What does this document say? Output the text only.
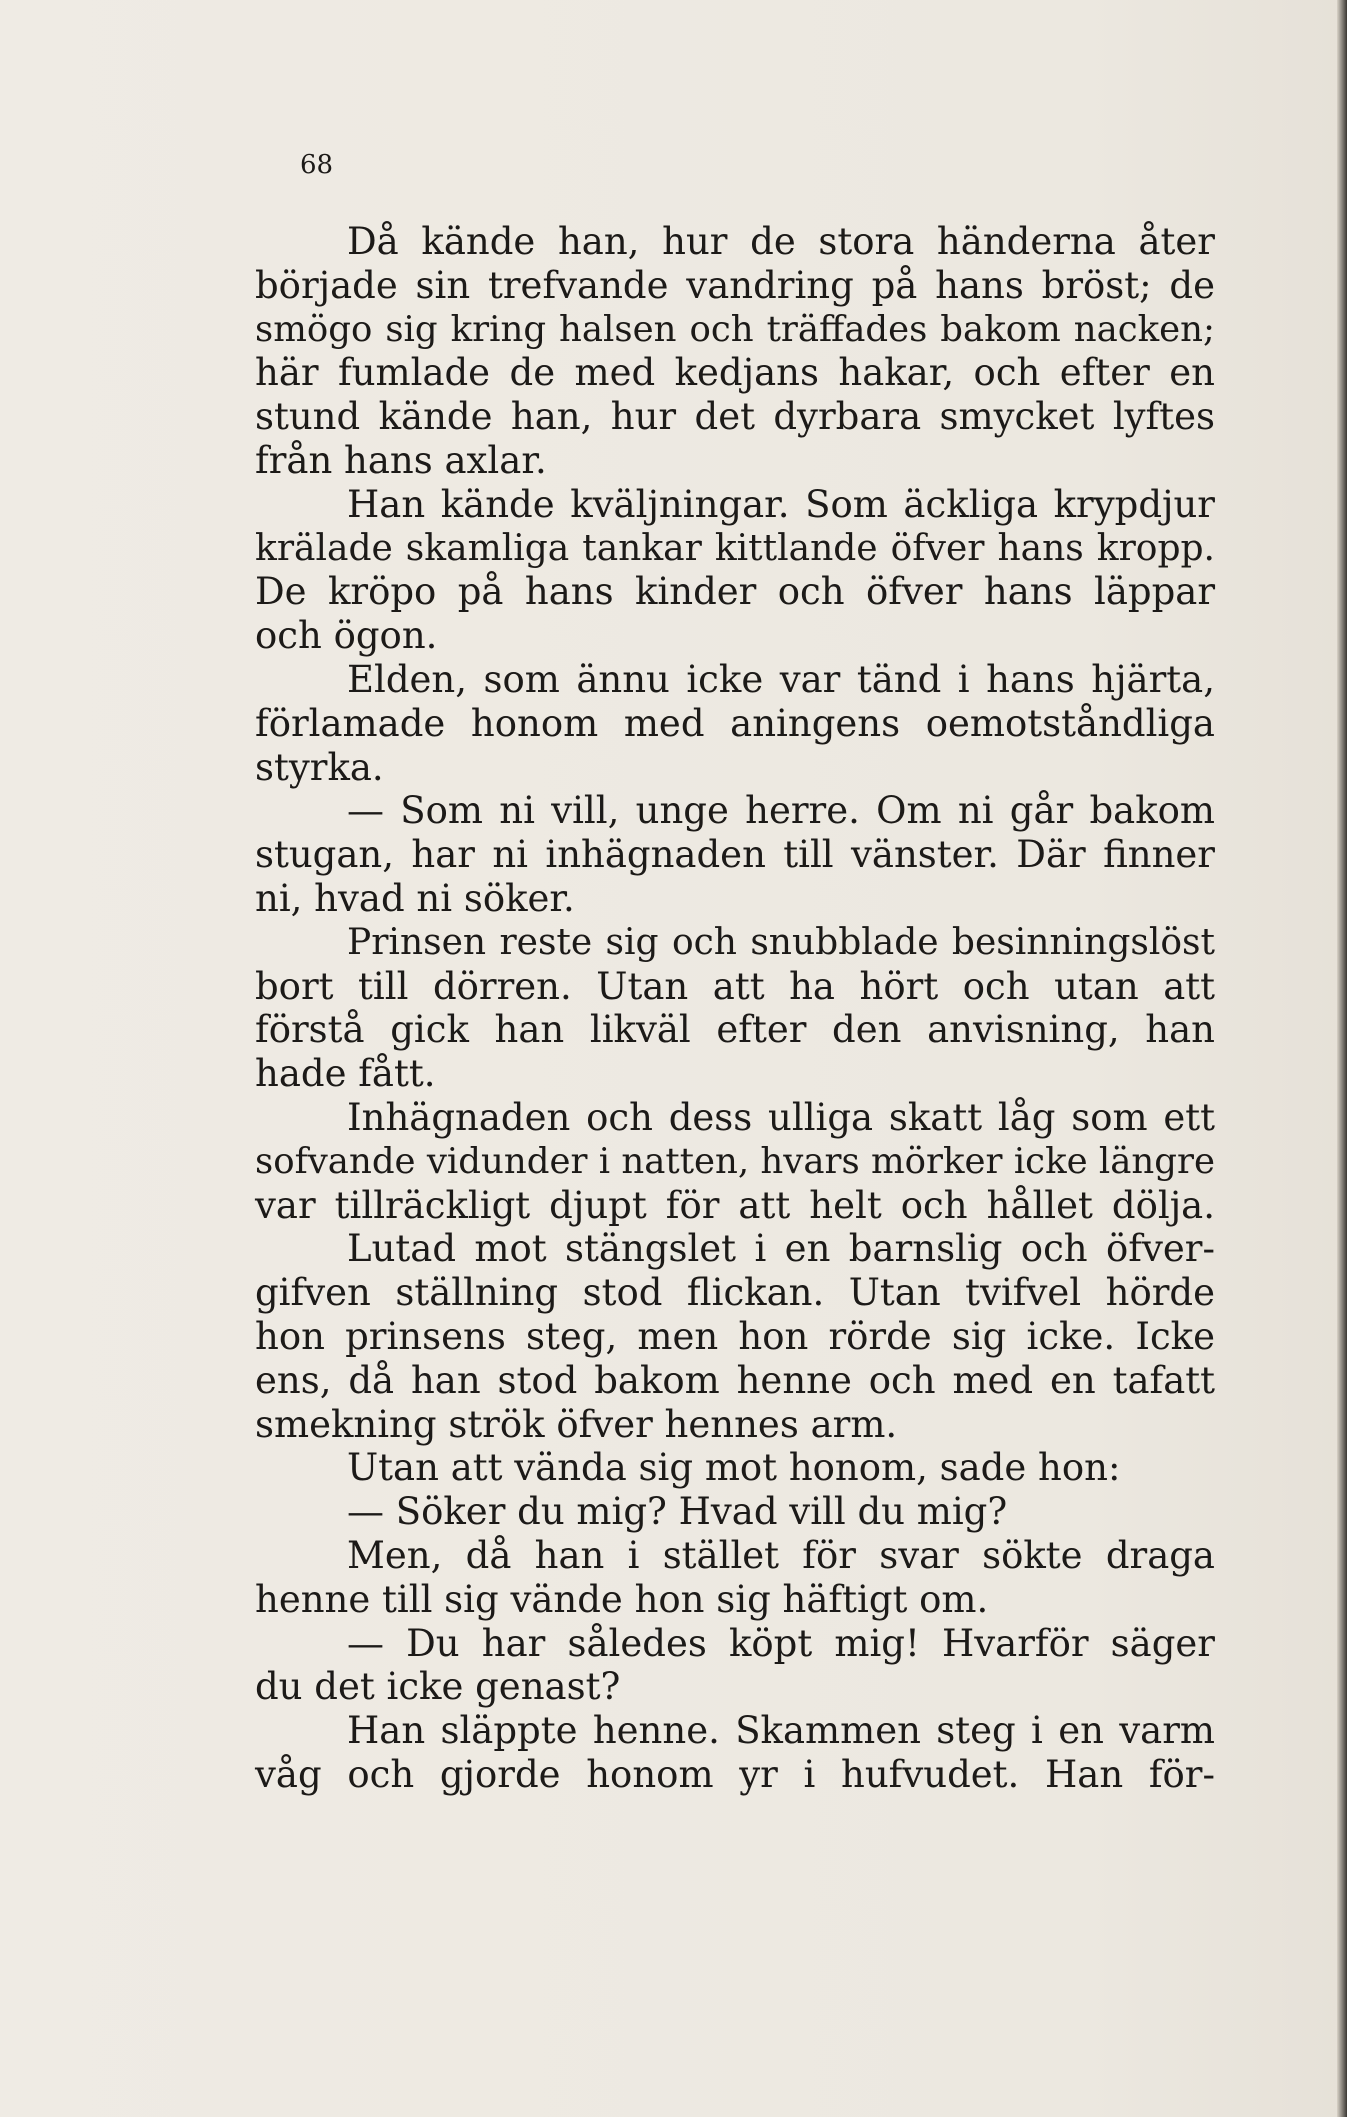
68
Då kände han, hur de stora händerna åter
började sin trefvande vandring på hans bröst; de
smögo sig kring halsen och träffades bakom nacken;
här fumlade de med kedjans hakar, och efter en
stund kände han, hur det dyrbara smycket lyftes
från hans axlar.
Han kände kväljningar. Som äckliga krypdjur
krälade skamliga tankar kittlande öfver hans kropp.
De kröpo på hans kinder och öfver hans läppar
och ögon.
Elden, som ännu icke var tänd i hans hjärta,
förlamade honom med aningens oemotståndliga
styrka.
— Som ni vill, unge herre. Om ni går bakom
stugan, har ni inhägnaden till vänster. Där finner
ni, hvad ni söker.
Prinsen reste sig och snubblade besinningslöst
bort till dörren. Utan att ha hört och utan att
förstå gick han likväl efter den anvisning, han
hade fått.
Inhägnaden och dess ulliga skatt låg som ett
sofvande vidunder i natten, hvars mörker icke längre
var tillräckligt djupt för att helt och hållet dölja.
Lutad mot stängslet i en barnslig och öfver-
gifven ställning stod flickan. Utan tvifvel hörde
hon prinsens steg, men hon rörde sig icke. Icke
ens, då han stod bakom henne och med en tafatt
smekning strök öfver hennes arm.
Utan att vända sig mot honom, sade hon:
— Söker du mig? Hvad vill du mig?
Men, då han i stället för svar sökte draga
henne till sig vände hon sig häftigt om.
— Du har således köpt mig! Hvarför säger
du det icke genast?
Han släppte henne. Skammen steg i en varm
våg och gjorde honom yr i hufvudet. Han för-
